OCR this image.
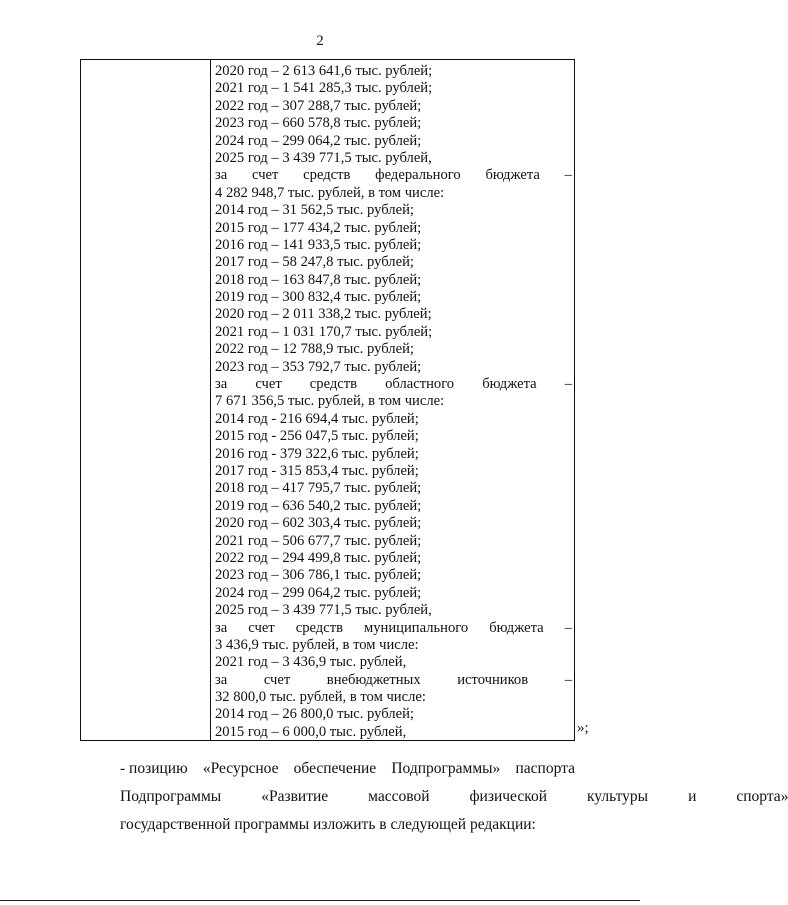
2
2020 год – 2 613 641,6 тыс. рублей;
2021 год – 1 541 285,3 тыс. рублей;
2022 год – 307 288,7 тыс. рублей;
2023 год – 660 578,8 тыс. рублей;
2024 год – 299 064,2 тыс. рублей;
2025 год – 3 439 771,5 тыс. рублей,
за счет средств федерального бюджета –
4 282 948,7 тыс. рублей, в том числе:
2014 год – 31 562,5 тыс. рублей;
2015 год – 177 434,2 тыс. рублей;
2016 год – 141 933,5 тыс. рублей;
2017 год – 58 247,8 тыс. рублей;
2018 год – 163 847,8 тыс. рублей;
2019 год – 300 832,4 тыс. рублей;
2020 год – 2 011 338,2 тыс. рублей;
2021 год – 1 031 170,7 тыс. рублей;
2022 год – 12 788,9 тыс. рублей;
2023 год – 353 792,7 тыс. рублей;
за счет средств областного бюджета –
7 671 356,5 тыс. рублей, в том числе:
2014 год - 216 694,4 тыс. рублей;
2015 год - 256 047,5 тыс. рублей;
2016 год - 379 322,6 тыс. рублей;
2017 год - 315 853,4 тыс. рублей;
2018 год – 417 795,7 тыс. рублей;
2019 год – 636 540,2 тыс. рублей;
2020 год – 602 303,4 тыс. рублей;
2021 год – 506 677,7 тыс. рублей;
2022 год – 294 499,8 тыс. рублей;
2023 год – 306 786,1 тыс. рублей;
2024 год – 299 064,2 тыс. рублей;
2025 год – 3 439 771,5 тыс. рублей,
за счет средств муниципального бюджета –
3 436,9 тыс. рублей, в том числе:
2021 год – 3 436,9 тыс. рублей,
за	счет	внебюджетных	источников	–
32 800,0 тыс. рублей, в том числе:
2014 год – 26 800,0 тыс. рублей;
2015 год – 6 000,0 тыс. рублей,	»;
- позицию «Ресурсное обеспечение Подпрограммы» паспорта
Подпрограммы	«Развитие	массовой	физической	культуры	и	спорта»
государственной программы изложить в следующей редакции:
